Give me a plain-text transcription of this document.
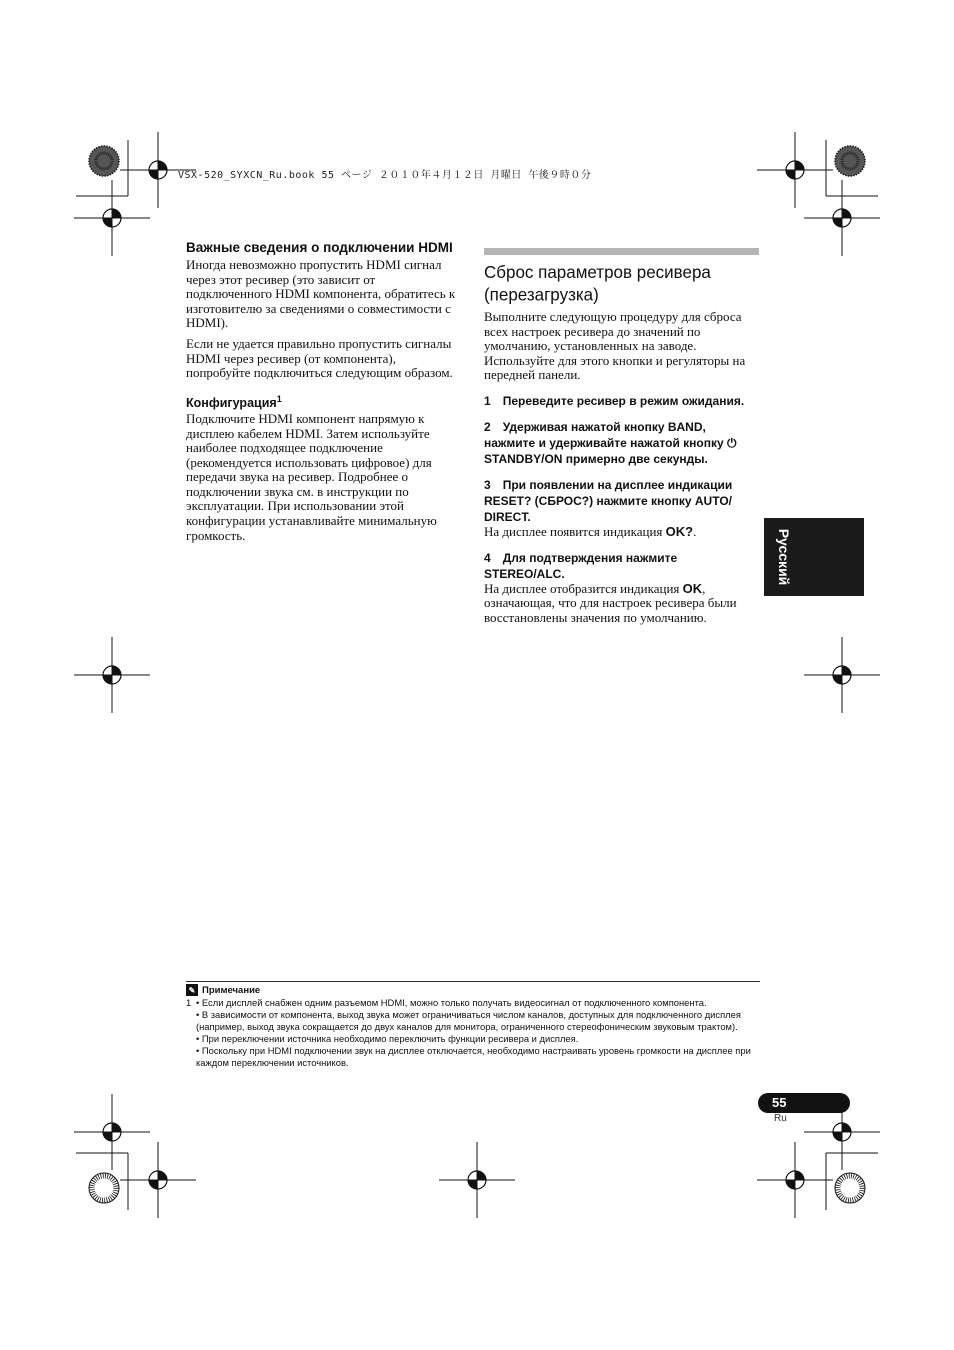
VSX-520_SYXCN_Ru.book 55 ページ ２０１０年４月１２日 月曜日 午後９時０分
Важные сведения о подключении HDMI

Иногда невозможно пропустить HDMI сигнал через этот ресивер (это зависит от подключенного HDMI компонента, обратитесь к изготовителю за сведениями о совместимости с HDMI).

Если не удается правильно пропустить сигналы HDMI через ресивер (от компонента), попробуйте подключиться следующим образом.

Конфигурация$^1$

Подключите HDMI компонент напрямую к дисплею кабелем HDMI. Затем используйте наиболее подходящее подключение (рекомендуется использовать цифровое) для передачи звука на ресивер. Подробнее о подключении звука см. в инструкции по эксплуатации. При использовании этой конфигурации устанавливайте минимальную громкость.

Сброс параметров ресивера (перезагрузка)

Выполните следующую процедуру для сброса всех настроек ресивера до значений по умолчанию, установленных на заводе. Используйте для этого кнопки и регуляторы на передней панели.

1 Переведите ресивер в режим ожидания.
2 Удерживая нажатой кнопку BAND, нажмите и удерживайте нажатой кнопку ⏻ STANDBY/ON примерно две секунды.
3 При появлении на дисплее индикации RESET? (СБРОС?) нажмите кнопку AUTO/ DIRECT.

На дисплее появится индикация OK?.

4 Для подтверждения нажмите STEREO/ALC.

На дисплее отобразится индикация OK, означающая, что для настроек ресивера были восстановлены значения по умолчанию.

Русский
✎ Примечание
1 • Если дисплей снабжен одним разъемом HDMI, можно только получать видеосигнал от подключенного компонента.
• В зависимости от компонента, выход звука может ограничиваться числом каналов, доступных для подключенного дисплея (например, выход звука сокращается до двух каналов для монитора, ограниченного стереофоническим звуковым трактом).
• При переключении источника необходимо переключить функции ресивера и дисплея.
• Поскольку при HDMI подключении звук на дисплее отключается, необходимо настраивать уровень громкости на дисплее при каждом переключении источников.
55
Ru
